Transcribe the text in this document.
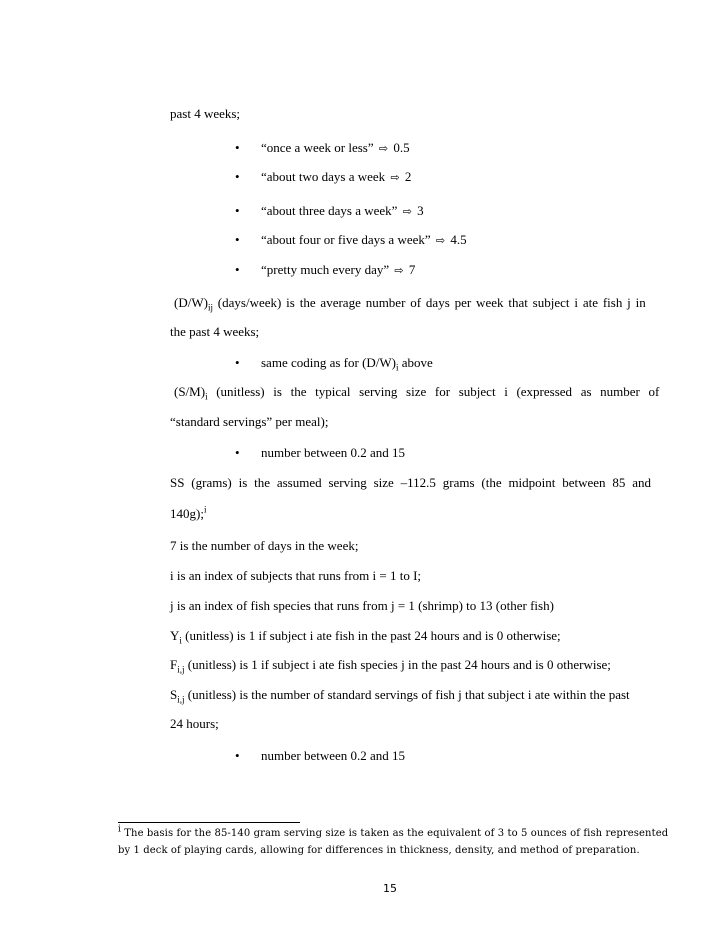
past 4 weeks;
• “once a week or less” ⇨ 0.5
• “about two days a week ⇨ 2
• “about three days a week” ⇨ 3
• “about four or five days a week” ⇨ 4.5
• “pretty much every day” ⇨ 7
$(D/W)_{ij}$ (days/week) is the average number of days per week that subject i ate fish j in
the past 4 weeks;
• same coding as for $(D/W)_i$ above
$(S/M)_i$ (unitless) is the typical serving size for subject i (expressed as number of
“standard servings” per meal);
• number between 0.2 and 15
SS (grams) is the assumed serving size –112.5 grams (the midpoint between 85 and
140g);$^i$
7 is the number of days in the week;
i is an index of subjects that runs from i = 1 to I;
j is an index of fish species that runs from j = 1 (shrimp) to 13 (other fish)
$Y_i$ (unitless) is 1 if subject i ate fish in the past 24 hours and is 0 otherwise;
$F_{i,j}$ (unitless) is 1 if subject i ate fish species j in the past 24 hours and is 0 otherwise;
$S_{i,j}$ (unitless) is the number of standard servings of fish j that subject i ate within the past
24 hours;
• number between 0.2 and 15
$^i$ The basis for the 85-140 gram serving size is taken as the equivalent of 3 to 5 ounces of fish represented
by 1 deck of playing cards, allowing for differences in thickness, density, and method of preparation.
15
